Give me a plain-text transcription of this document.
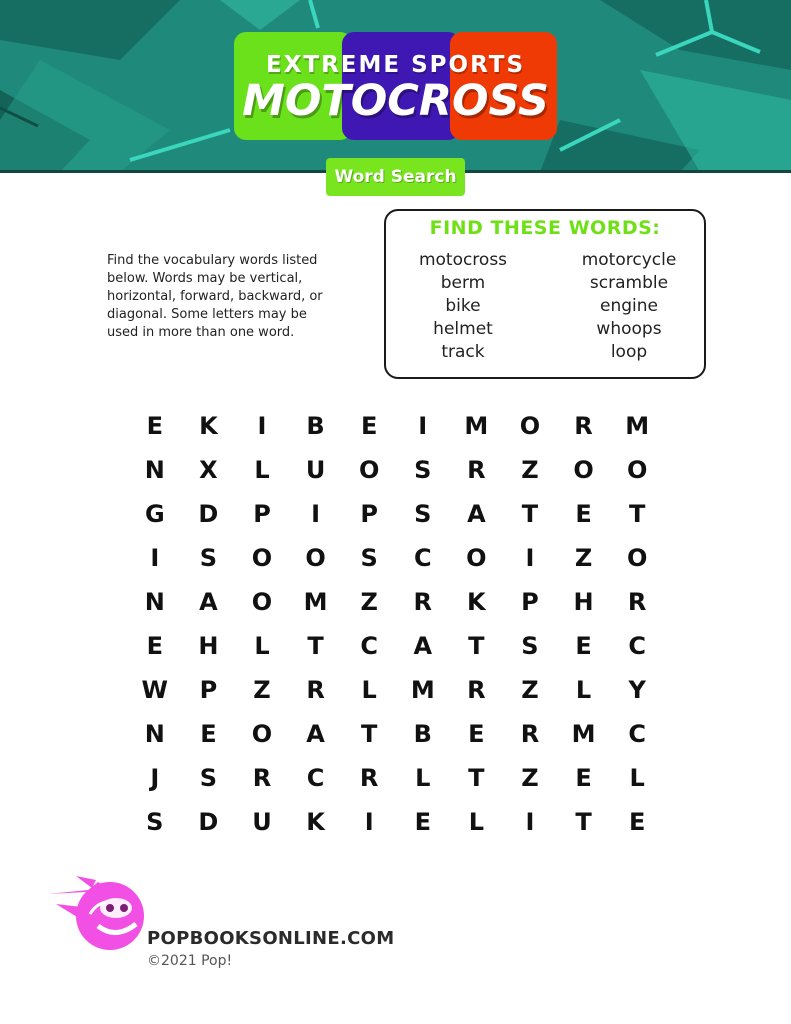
EXTREME SPORTS
MOTOCROSS
Word Search
Find the vocabulary words listed below. Words may be vertical, horizontal, forward, backward, or diagonal. Some letters may be used in more than one word.
FIND THESE WORDS:
motocross
berm
bike
helmet
track
motorcycle
scramble
engine
whoops
loop
E	K	I	B	E	I	M	O	R	M
N	X	L	U	O	S	R	Z	O	O
G	D	P	I	P	S	A	T	E	T
I	S	O	O	S	C	O	I	Z	O
N	A	O	M	Z	R	K	P	H	R
E	H	L	T	C	A	T	S	E	C
W	P	Z	R	L	M	R	Z	L	Y
N	E	O	A	T	B	E	R	M	C
J	S	R	C	R	L	T	Z	E	L
S	D	U	K	I	E	L	I	T	E
POPBOOKSONLINE.COM
©2021 Pop!
